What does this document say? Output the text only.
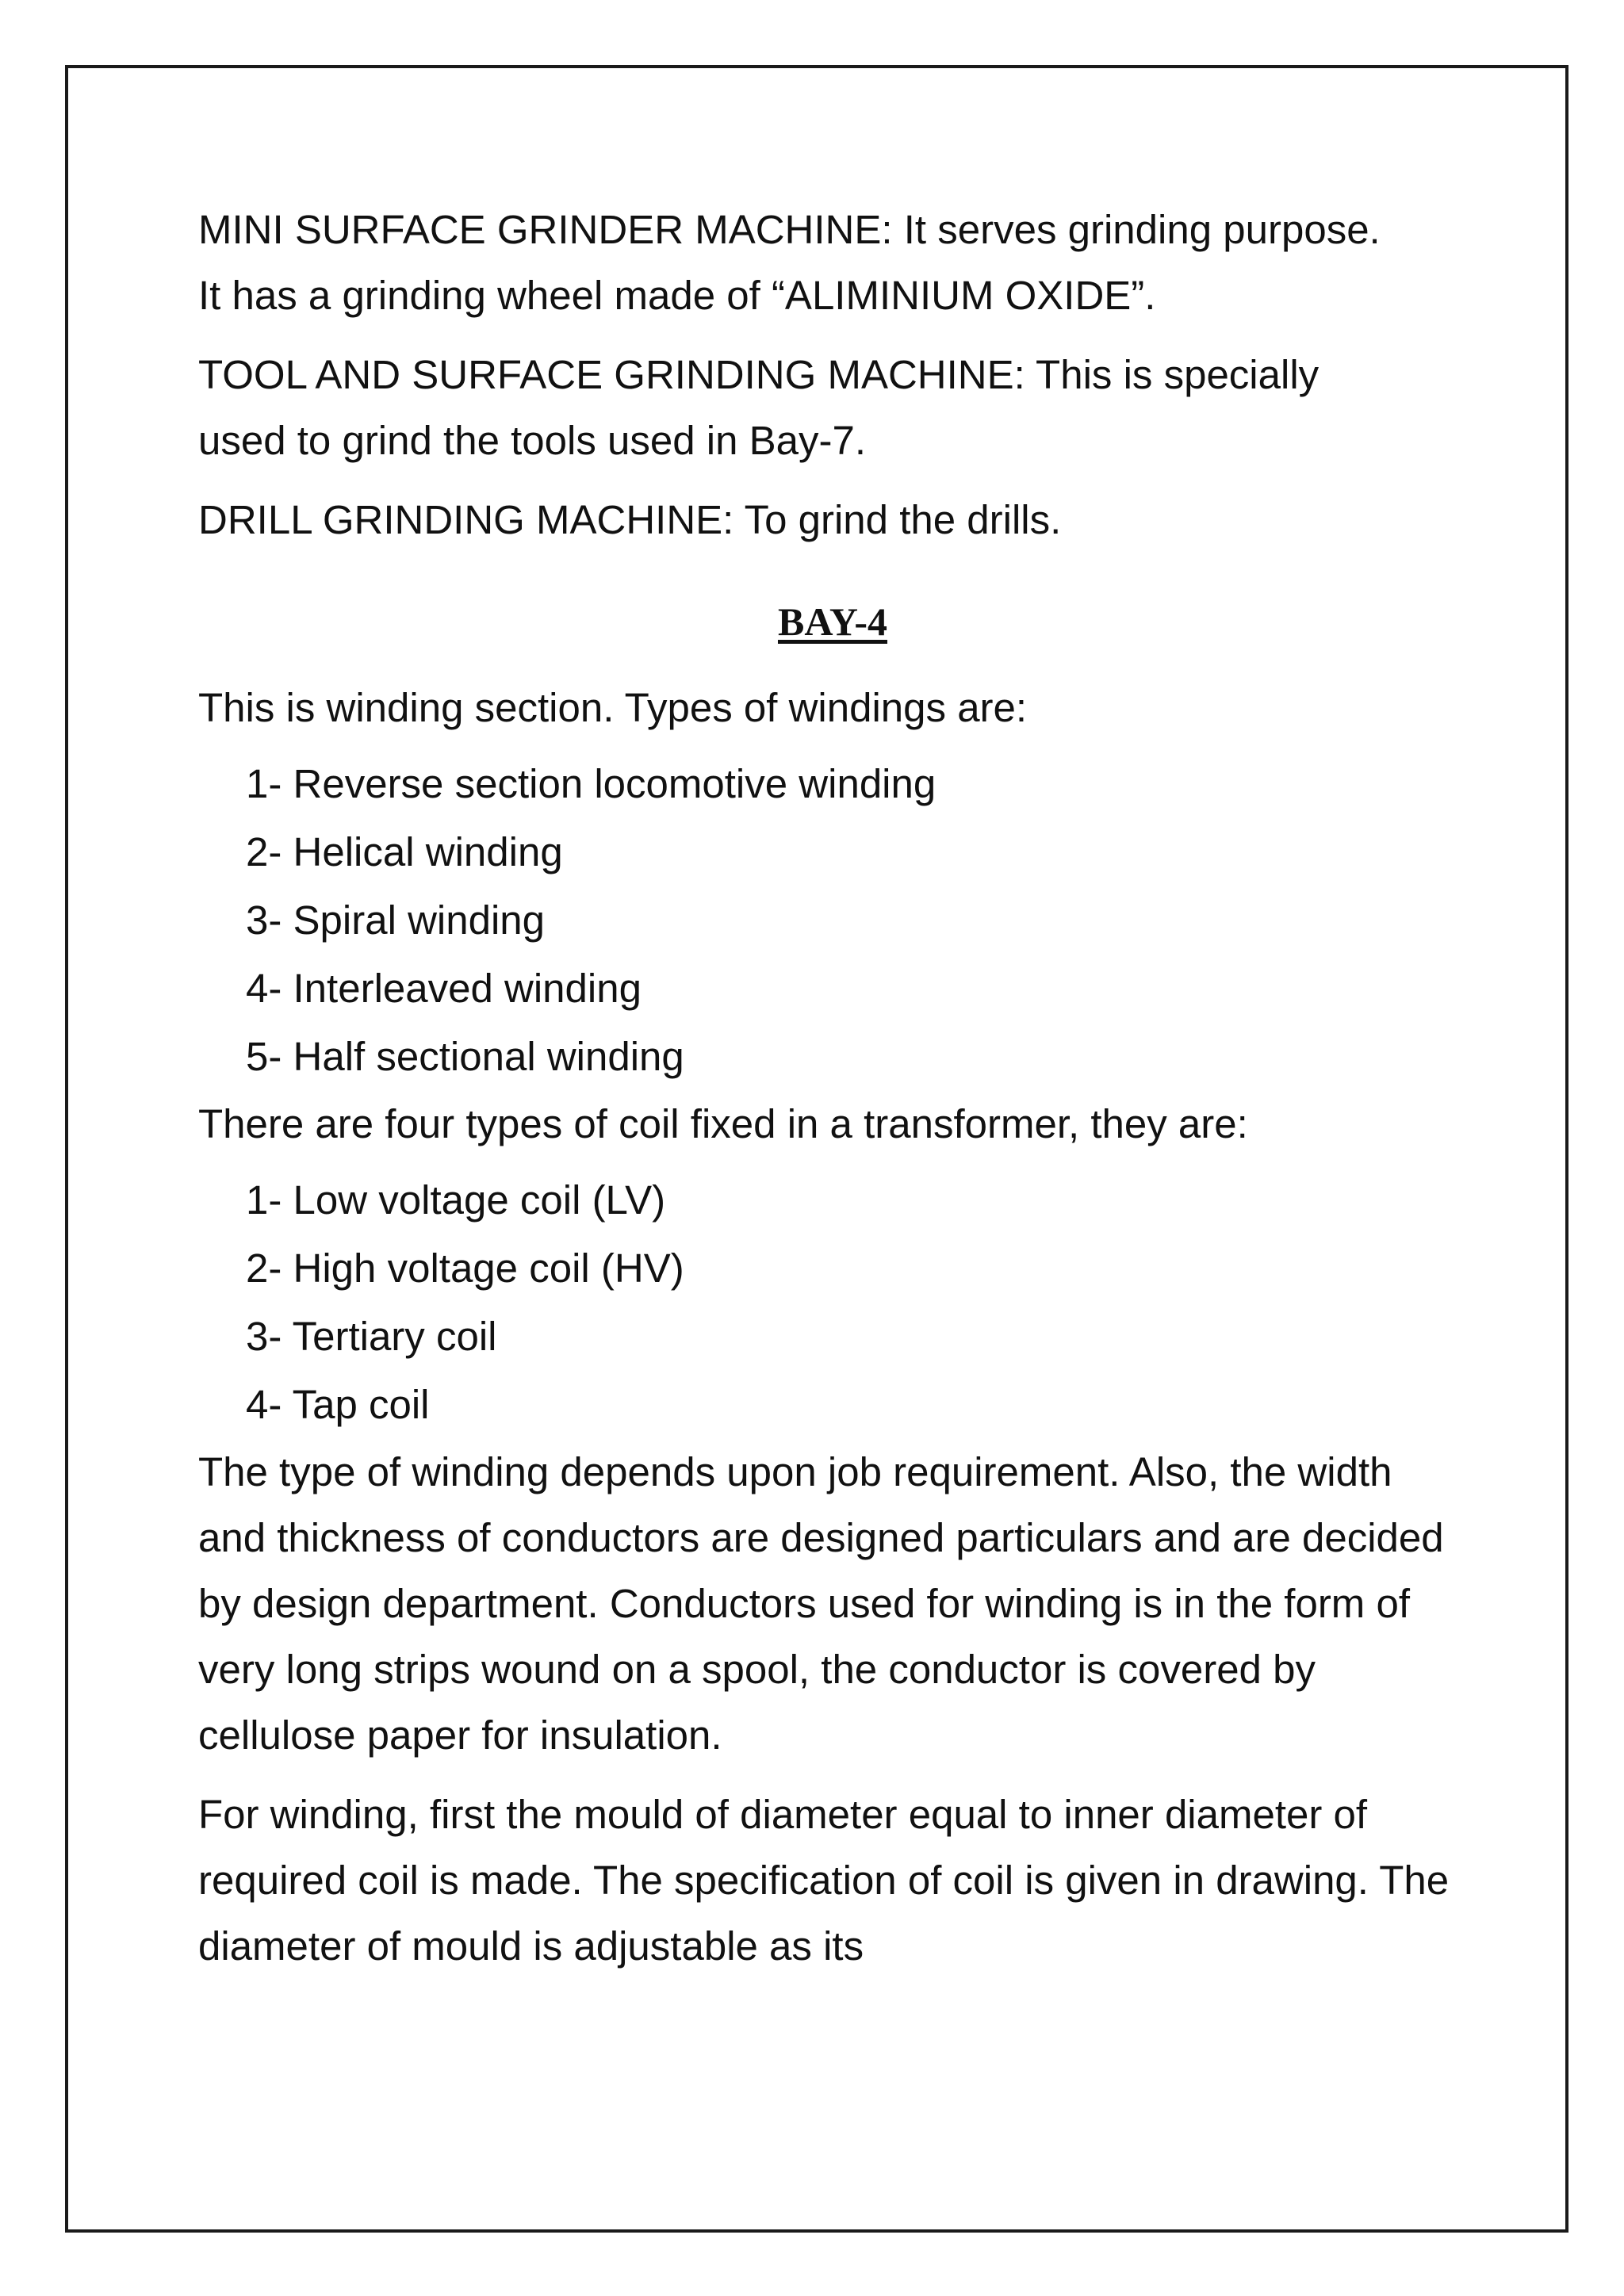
MINI SURFACE GRINDER MACHINE: It serves grinding purpose. It has a grinding wheel made of “ALIMINIUM OXIDE”.

TOOL AND SURFACE GRINDING MACHINE: This is specially used to grind the tools used in Bay-7.

DRILL GRINDING MACHINE: To grind the drills.

BAY-4

This is winding section. Types of windings are:

1- Reverse section locomotive winding
2- Helical winding
3- Spiral winding
4- Interleaved winding
5- Half sectional winding

There are four types of coil fixed in a transformer, they are:

1- Low voltage coil (LV)
2- High voltage coil (HV)
3- Tertiary coil
4- Tap coil

The type of winding depends upon job requirement. Also, the width and thickness of conductors are designed particulars and are decided by design department. Conductors used for winding is in the form of very long strips wound on a spool, the conductor is covered by cellulose paper for insulation.

For winding, first the mould of diameter equal to inner diameter of required coil is made. The specification of coil is given in drawing. The diameter of mould is adjustable as its
